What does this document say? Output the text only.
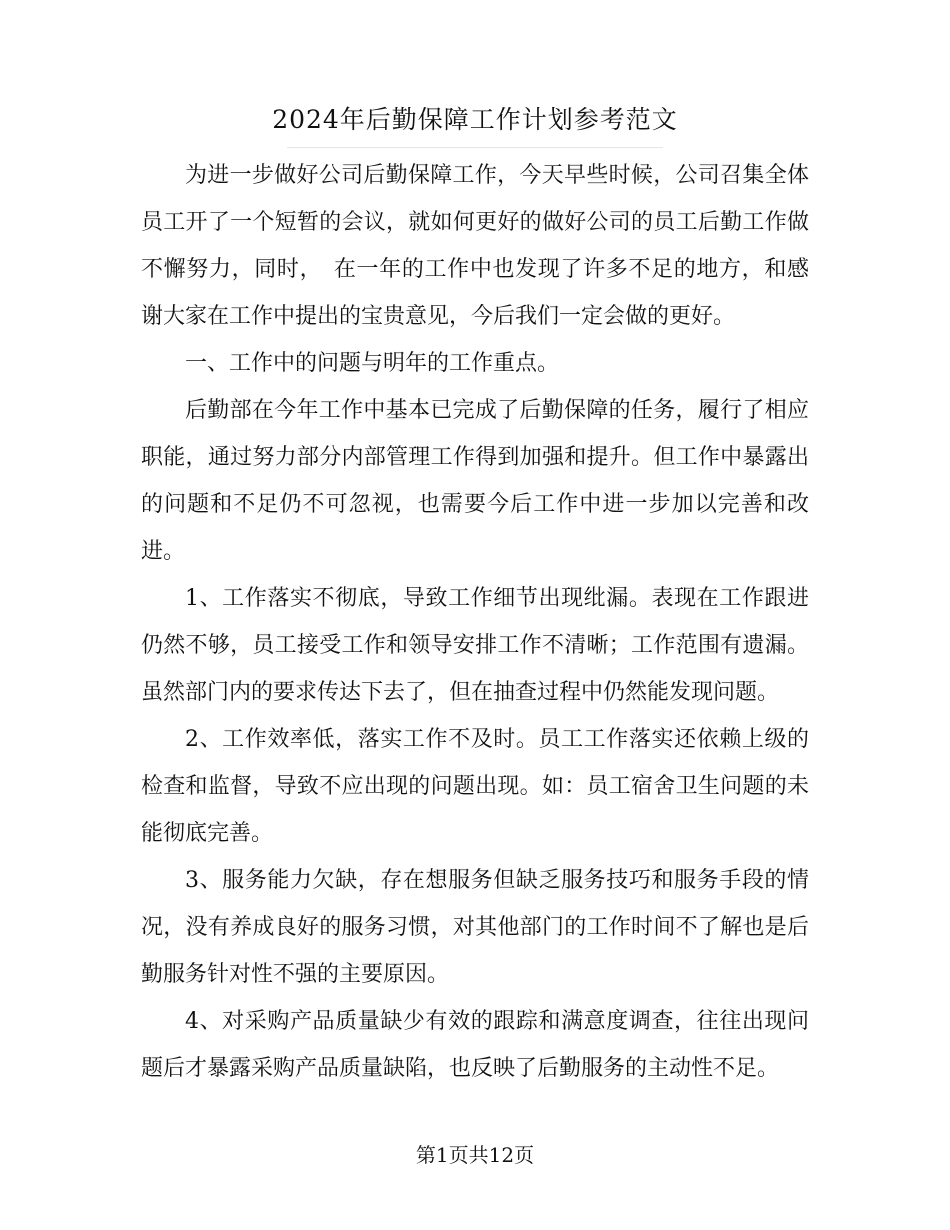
2024年后勤保障工作计划参考范文

为进一步做好公司后勤保障工作，今天早些时候，公司召集全体员工开了一个短暂的会议，就如何更好的做好公司的员工后勤工作做不懈努力，同时，　在一年的工作中也发现了许多不足的地方，和感谢大家在工作中提出的宝贵意见，今后我们一定会做的更好。

一、工作中的问题与明年的工作重点。

后勤部在今年工作中基本已完成了后勤保障的任务，履行了相应职能，通过努力部分内部管理工作得到加强和提升。但工作中暴露出的问题和不足仍不可忽视，也需要今后工作中进一步加以完善和改进。

1、工作落实不彻底，导致工作细节出现纰漏。表现在工作跟进仍然不够，员工接受工作和领导安排工作不清晰；工作范围有遗漏。虽然部门内的要求传达下去了，但在抽查过程中仍然能发现问题。

2、工作效率低，落实工作不及时。员工工作落实还依赖上级的检查和监督，导致不应出现的问题出现。如：员工宿舍卫生问题的未能彻底完善。

3、服务能力欠缺，存在想服务但缺乏服务技巧和服务手段的情况，没有养成良好的服务习惯，对其他部门的工作时间不了解也是后勤服务针对性不强的主要原因。

4、对采购产品质量缺少有效的跟踪和满意度调查，往往出现问题后才暴露采购产品质量缺陷，也反映了后勤服务的主动性不足。

第1页共12页
